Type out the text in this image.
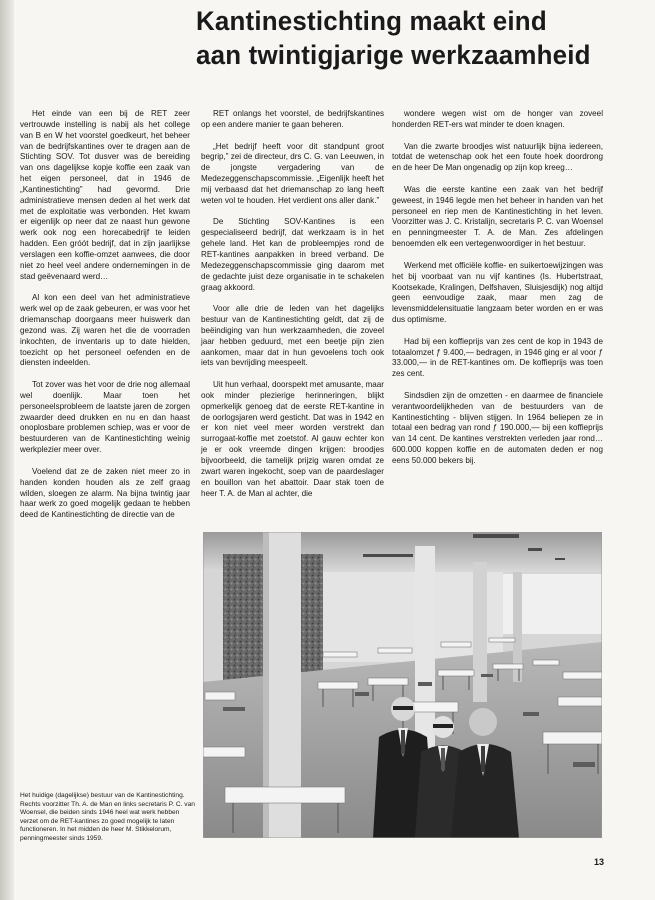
Kantinestichting maakt eind
aan twintigjarige werkzaamheid

Het einde van een bij de RET zeer vertrouwde instelling is nabij als het college van B en W het voorstel goedkeurt, het beheer van de bedrijfskantines over te dragen aan de Stichting SOV. Tot dusver was de bereiding van ons dagelijkse kopje koffie een zaak van het eigen personeel, dat in 1946 de „Kantinestichting” had gevormd. Drie administratieve mensen deden al het werk dat met de exploitatie was verbonden. Het kwam er eigenlijk op neer dat ze naast hun gewone werk ook nog een horecabedrijf te leiden hadden. Een gróót bedrijf, dat in zijn jaarlijkse verslagen een koffie-omzet aanwees, die door niet zo heel veel andere ondernemingen in de stad geëvenaard werd…

Al kon een deel van het administratieve werk wel op de zaak gebeuren, er was voor het driemanschap doorgaans meer huiswerk dan gezond was. Zij waren het die de voorraden inkochten, de inventaris up to date hielden, toezicht op het personeel oefenden en de diensten indeelden.

Tot zover was het voor de drie nog allemaal wel doenlijk. Maar toen het personeelsprobleem de laatste jaren de zorgen zwaarder deed drukken en nu en dan haast onoplosbare problemen schiep, was er voor de bestuurderen van de Kantinestichting weinig werkplezier meer over.

Voelend dat ze de zaken niet meer zo in handen konden houden als ze zelf graag wilden, sloegen ze alarm. Na bijna twintig jaar haar werk zo goed mogelijk gedaan te hebben deed de Kantinestichting de directie van de

RET onlangs het voorstel, de bedrijfskantines op een andere manier te gaan beheren.

„Het bedrijf heeft voor dit standpunt groot begrip,” zei de directeur, drs C. G. van Leeuwen, in de jongste vergadering van de Medezeggenschapscommissie. „Eigenlijk heeft het mij verbaasd dat het driemanschap zo lang heeft weten vol te houden. Het verdient ons aller dank.”

De Stichting SOV-Kantines is een gespecialiseerd bedrijf, dat werkzaam is in het gehele land. Het kan de probleempjes rond de RET-kantines aanpakken in breed verband. De Medezeggenschapscommissie ging daarom met de gedachte juist deze organisatie in te schakelen graag akkoord.

Voor alle drie de leden van het dagelijks bestuur van de Kantinestichting geldt, dat zij de beëindiging van hun werkzaamheden, die zoveel jaar hebben geduurd, met een beetje pijn zien aankomen, maar dat in hun gevoelens toch ook iets van bevrijding meespeelt.

Uit hun verhaal, doorspekt met amusante, maar ook minder plezierige herinneringen, blijkt opmerkelijk genoeg dat de eerste RET-kantine in de oorlogsjaren werd gesticht. Dat was in 1942 en er kon niet veel meer worden verstrekt dan surrogaat-koffie met zoetstof. Al gauw echter kon je er ook vreemde dingen krijgen: broodjes bijvoorbeeld, die tamelijk prijzig waren omdat ze zwart waren ingekocht, soep van de paardeslager en bouillon van het abattoir. Daar stak toen de heer T. A. de Man al achter, die

wondere wegen wist om de honger van zoveel honderden RET-ers wat minder te doen knagen.

Van die zwarte broodjes wist natuurlijk bijna iedereen, totdat de wetenschap ook het een foute hoek doordrong en de heer De Man ongenadig op zijn kop kreeg…

Was die eerste kantine een zaak van het bedrijf geweest, in 1946 legde men het beheer in handen van het personeel en riep men de Kantinestichting in het leven. Voorzitter was J. C. Kristalijn, secretaris P. C. van Woensel en penningmeester T. A. de Man. Zes afdelingen benoemden elk een vertegenwoordiger in het bestuur.

Werkend met officiële koffie- en suikertoewijzingen was het bij voorbaat van nu vijf kantines (Is. Hubertstraat, Kootsekade, Kralingen, Delfshaven, Sluisjesdijk) nog altijd geen eenvoudige zaak, maar men zag de levensmiddelensituatie langzaam beter worden en er was dus optimisme.

Had bij een koffieprijs van zes cent de kop in 1943 de totaalomzet ƒ 9.400,— bedragen, in 1946 ging er al voor ƒ 33.000,— in de RET-kantines om. De koffieprijs was toen zes cent.

Sindsdien zijn de omzetten - en daarmee de financiele verantwoordelijkheden van de bestuurders van de Kantinestichting - blijven stijgen. In 1964 beliepen ze in totaal een bedrag van rond ƒ 190.000,— bij een koffieprijs van 14 cent. De kantines verstrekten verleden jaar rond… 600.000 koppen koffie en de automaten deden er nog eens 50.000 bekers bij.

Het huidige (dagelijkse) bestuur van de Kantinestichting. Rechts voorzitter Th. A. de Man en links secretaris P. C. van Woensel, die beiden sinds 1946 heel wat werk hebben verzet om de RET-kantines zo goed mogelijk te laten functioneren. In het midden de heer M. Stikkelorum, penningmeester sinds 1959.
13
